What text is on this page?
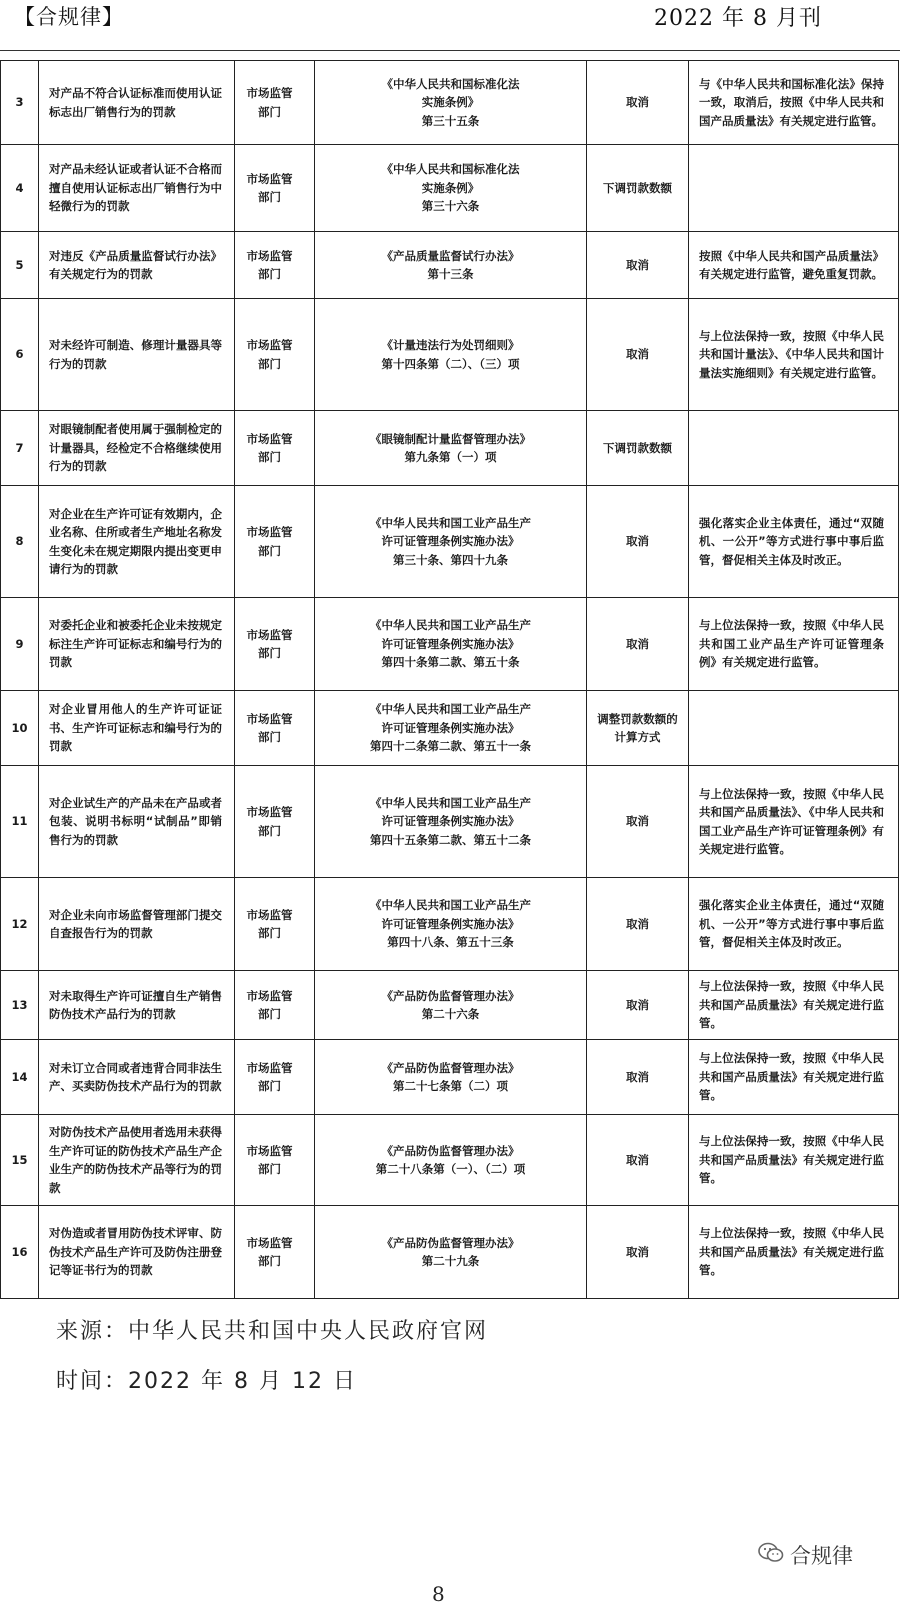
【合规律】	2022 年 8 月刊
3	对产品不符合认证标准而使用认证标志出厂销售行为的罚款	市场监管部门	《中华人民共和国标准化法
实施条例》
第三十五条	取消	与《中华人民共和国标准化法》保持一致，取消后，按照《中华人民共和国产品质量法》有关规定进行监管。

4	对产品未经认证或者认证不合格而擅自使用认证标志出厂销售行为中轻微行为的罚款	市场监管部门	《中华人民共和国标准化法
实施条例》
第三十六条	下调罚款数额	

5	对违反《产品质量监督试行办法》有关规定行为的罚款	市场监管部门	《产品质量监督试行办法》
第十三条	取消	按照《中华人民共和国产品质量法》有关规定进行监管，避免重复罚款。

6	对未经许可制造、修理计量器具等行为的罚款	市场监管部门	《计量违法行为处罚细则》
第十四条第（二）、（三）项	取消	与上位法保持一致，按照《中华人民共和国计量法》、《中华人民共和国计量法实施细则》有关规定进行监管。

7	对眼镜制配者使用属于强制检定的计量器具，经检定不合格继续使用行为的罚款	市场监管部门	《眼镜制配计量监督管理办法》
第九条第（一）项	下调罚款数额	

8	对企业在生产许可证有效期内，企业名称、住所或者生产地址名称发生变化未在规定期限内提出变更申请行为的罚款	市场监管部门	《中华人民共和国工业产品生产
许可证管理条例实施办法》
第三十条、第四十九条	取消	强化落实企业主体责任，通过“双随机、一公开”等方式进行事中事后监管，督促相关主体及时改正。

9	对委托企业和被委托企业未按规定标注生产许可证标志和编号行为的罚款	市场监管部门	《中华人民共和国工业产品生产
许可证管理条例实施办法》
第四十条第二款、第五十条	取消	与上位法保持一致，按照《中华人民共和国工业产品生产许可证管理条例》有关规定进行监管。

10	对企业冒用他人的生产许可证证书、生产许可证标志和编号行为的罚款	市场监管部门	《中华人民共和国工业产品生产
许可证管理条例实施办法》
第四十二条第二款、第五十一条	调整罚款数额的
计算方式	

11	对企业试生产的产品未在产品或者包装、说明书标明“试制品”即销售行为的罚款	市场监管部门	《中华人民共和国工业产品生产
许可证管理条例实施办法》
第四十五条第二款、第五十二条	取消	与上位法保持一致，按照《中华人民共和国产品质量法》、《中华人民共和国工业产品生产许可证管理条例》有关规定进行监管。

12	对企业未向市场监督管理部门提交自查报告行为的罚款	市场监管部门	《中华人民共和国工业产品生产
许可证管理条例实施办法》
第四十八条、第五十三条	取消	强化落实企业主体责任，通过“双随机、一公开”等方式进行事中事后监管，督促相关主体及时改正。

13	对未取得生产许可证擅自生产销售防伪技术产品行为的罚款	市场监管部门	《产品防伪监督管理办法》
第二十六条	取消	与上位法保持一致，按照《中华人民共和国产品质量法》有关规定进行监管。

14	对未订立合同或者违背合同非法生产、买卖防伪技术产品行为的罚款	市场监管部门	《产品防伪监督管理办法》
第二十七条第（二）项	取消	与上位法保持一致，按照《中华人民共和国产品质量法》有关规定进行监管。

15	对防伪技术产品使用者选用未获得生产许可证的防伪技术产品生产企业生产的防伪技术产品等行为的罚款	市场监管部门	《产品防伪监督管理办法》
第二十八条第（一）、（二）项	取消	与上位法保持一致，按照《中华人民共和国产品质量法》有关规定进行监管。

16	对伪造或者冒用防伪技术评审、防伪技术产品生产许可及防伪注册登记等证书行为的罚款	市场监管部门	《产品防伪监督管理办法》
第二十九条	取消	与上位法保持一致，按照《中华人民共和国产品质量法》有关规定进行监管。
来源：中华人民共和国中央人民政府官网
时间：2022 年 8 月 12 日
合规律
8
